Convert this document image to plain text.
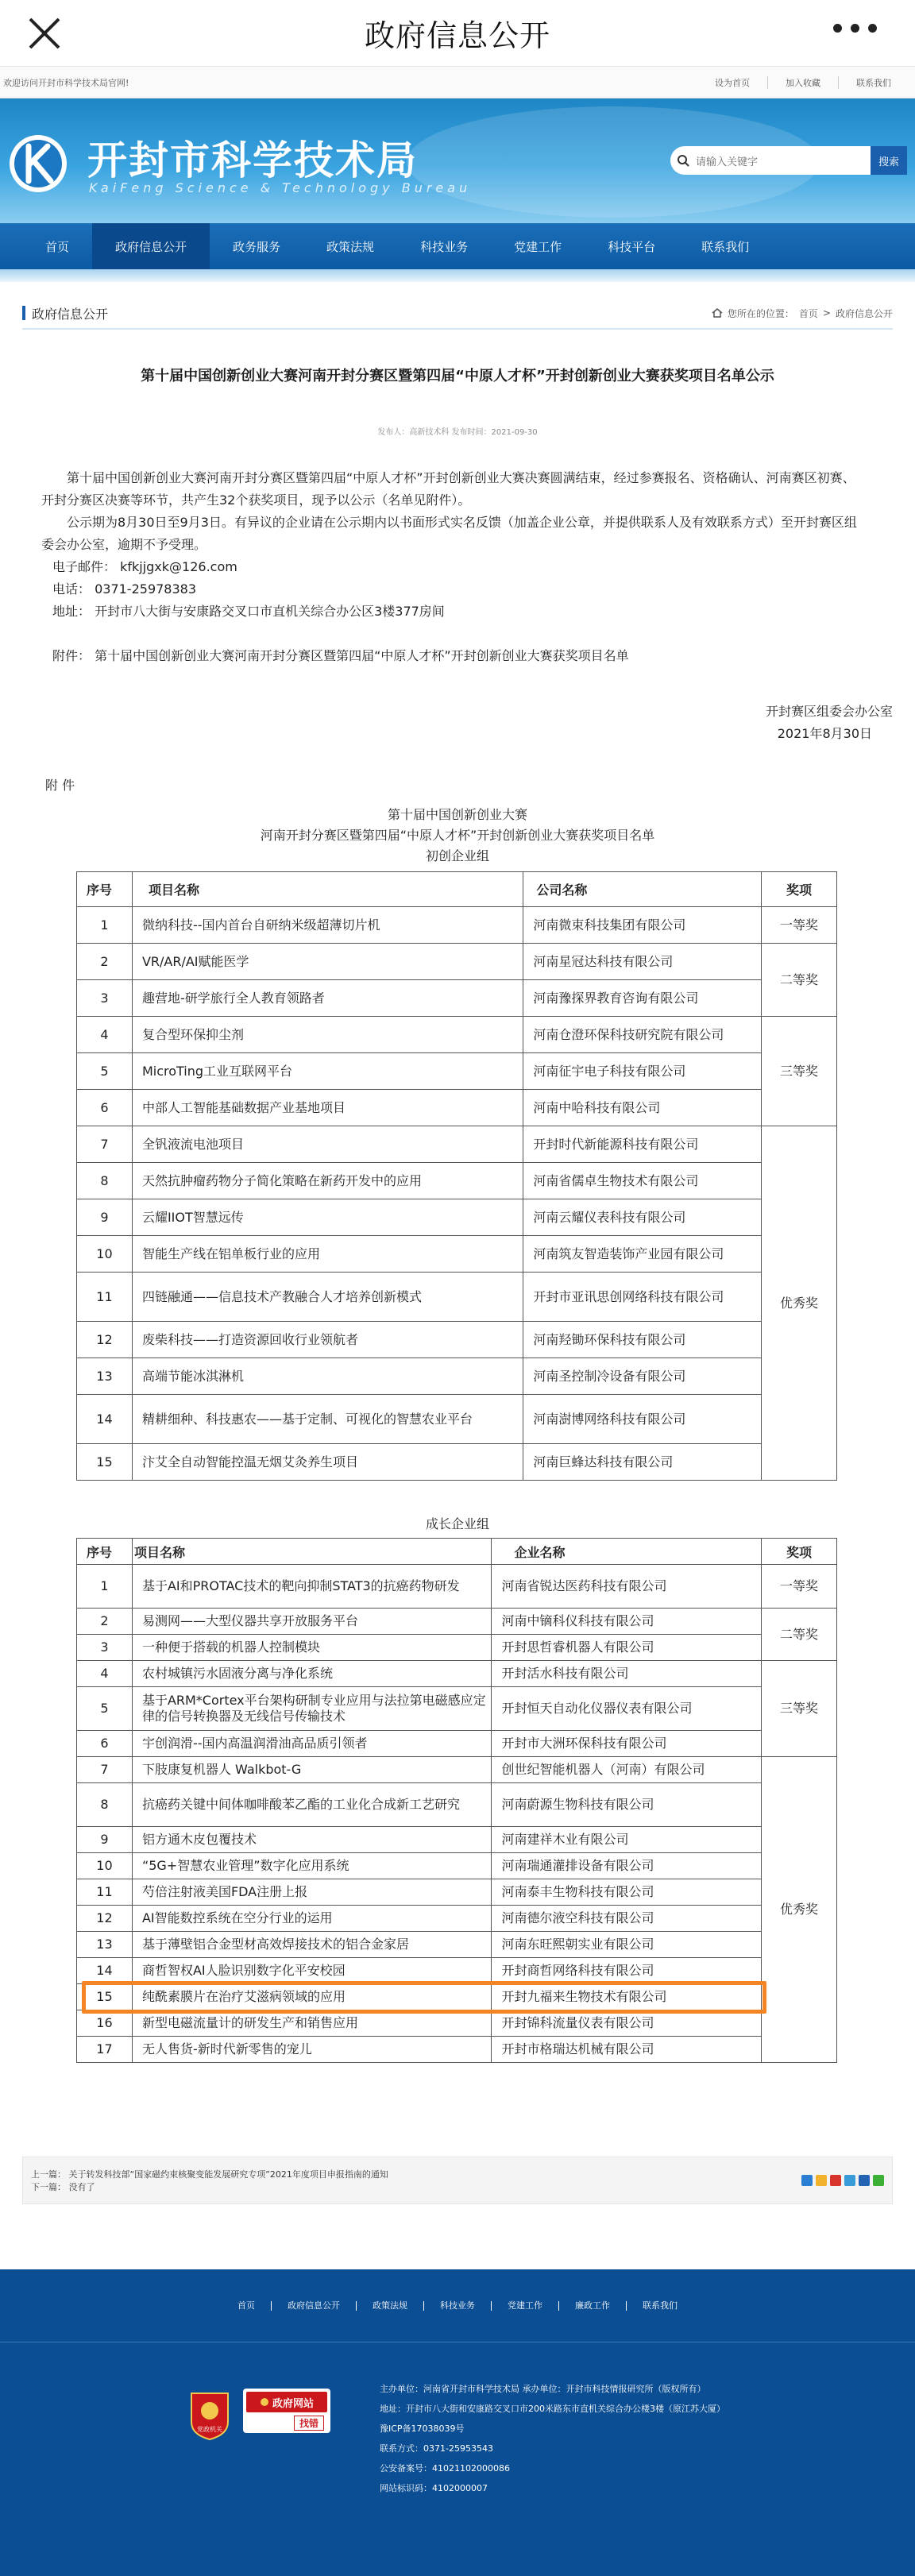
政府信息公开
欢迎访问开封市科学技术局官网!	设为首页	加入收藏	联系我们
开封市科学技术局
KaiFeng Science & Technology Bureau
请输入关键字	搜索
首页	政府信息公开	政务服务	政策法规	科技业务	党建工作	科技平台	联系我们
政府信息公开	您所在的位置： 首页 > 政府信息公开
第十届中国创新创业大赛河南开封分赛区暨第四届“中原人才杯”开封创新创业大赛获奖项目名单公示
发布人：高新技术科 发布时间：2021-09-30

第十届中国创新创业大赛河南开封分赛区暨第四届“中原人才杯”开封创新创业大赛决赛圆满结束，经过参赛报名、资格确认、河南赛区初赛、开封分赛区决赛等环节，共产生32个获奖项目，现予以公示（名单见附件）。

公示期为8月30日至9月3日。有异议的企业请在公示期内以书面形式实名反馈（加盖企业公章，并提供联系人及有效联系方式）至开封赛区组委会办公室，逾期不予受理。

电子邮件： kfkjjgxk@126.com
电话： 0371-25978383
地址： 开封市八大街与安康路交叉口市直机关综合办公区3楼377房间
附件： 第十届中国创新创业大赛河南开封分赛区暨第四届“中原人才杯”开封创新创业大赛获奖项目名单
开封赛区组委会办公室
2021年8月30日
附 件
第十届中国创新创业大赛
河南开封分赛区暨第四届“中原人才杯”开封创新创业大赛获奖项目名单
初创企业组
序号	项目名称	公司名称	奖项
1	微纳科技--国内首台自研纳米级超薄切片机	河南微束科技集团有限公司	一等奖
2	VR/AR/AI赋能医学	河南星冠达科技有限公司	二等奖
3	趣营地-研学旅行全人教育领路者	河南豫探界教育咨询有限公司	
4	复合型环保抑尘剂	河南仓澄环保科技研究院有限公司	三等奖
5	MicroTing工业互联网平台	河南征宇电子科技有限公司	
6	中部人工智能基础数据产业基地项目	河南中哈科技有限公司	
7	全钒液流电池项目	开封时代新能源科技有限公司	优秀奖
8	天然抗肿瘤药物分子简化策略在新药开发中的应用	河南省儒卓生物技术有限公司	
9	云耀IIOT智慧远传	河南云耀仪表科技有限公司	
10	智能生产线在铝单板行业的应用	河南筑友智造装饰产业园有限公司	
11	四链融通——信息技术产教融合人才培养创新模式	开封市亚讯思创网络科技有限公司	
12	废柴科技——打造资源回收行业领航者	河南羟锄环保科技有限公司	
13	高端节能冰淇淋机	河南圣控制冷设备有限公司	
14	精耕细种、科技惠农——基于定制、可视化的智慧农业平台	河南澍博网络科技有限公司	
15	汴艾全自动智能控温无烟艾灸养生项目	河南巨蜂达科技有限公司	
成长企业组
序号	项目名称	企业名称	奖项
1	基于AI和PROTAC技术的靶向抑制STAT3的抗癌药物研发	河南省锐达医药科技有限公司	一等奖
2	易测网——大型仪器共享开放服务平台	河南中镝科仪科技有限公司	二等奖
3	一种便于搭载的机器人控制模块	开封思哲睿机器人有限公司	
4	农村城镇污水固液分离与净化系统	开封活水科技有限公司	三等奖
5	基于ARM*Cortex平台架构研制专业应用与法拉第电磁感应定律的信号转换器及无线信号传输技术	开封恒天自动化仪器仪表有限公司	
6	宇创润滑--国内高温润滑油高品质引领者	开封市大洲环保科技有限公司	
7	下肢康复机器人 Walkbot-G	创世纪智能机器人（河南）有限公司	优秀奖
8	抗癌药关键中间体咖啡酸苯乙酯的工业化合成新工艺研究	河南蔚源生物科技有限公司	
9	铝方通木皮包覆技术	河南建祥木业有限公司	
10	“5G+智慧农业管理”数字化应用系统	河南瑞通灌排设备有限公司	
11	芍倍注射液美国FDA注册上报	河南泰丰生物科技有限公司	
12	AI智能数控系统在空分行业的运用	河南德尔液空科技有限公司	
13	基于薄壁铝合金型材高效焊接技术的铝合金家居	河南东旺熙朝实业有限公司	
14	商哲智权AI人脸识别数字化平安校园	开封商哲网络科技有限公司	
15	纯酰素膜片在治疗艾滋病领域的应用	开封九福来生物技术有限公司	
16	新型电磁流量计的研发生产和销售应用	开封锦科流量仪表有限公司	
17	无人售货-新时代新零售的宠儿	开封市格瑞达机械有限公司	
上一篇： 关于转发科技部“国家磁约束核聚变能发展研究专项”2021年度项目申报指南的通知
下一篇： 没有了
首页	政府信息公开	政策法规	科技业务	党建工作	廉政工作	联系我们
党政机关
政府网站
找错
主办单位：河南省开封市科学技术局 承办单位：开封市科技情报研究所（版权所有）
地址：开封市八大街和安康路交叉口市200米路东市直机关综合办公楼3楼（原江苏大厦） 豫ICP备17038039号
联系方式：0371-25953543
公安备案号：41021102000086
网站标识码：4102000007
